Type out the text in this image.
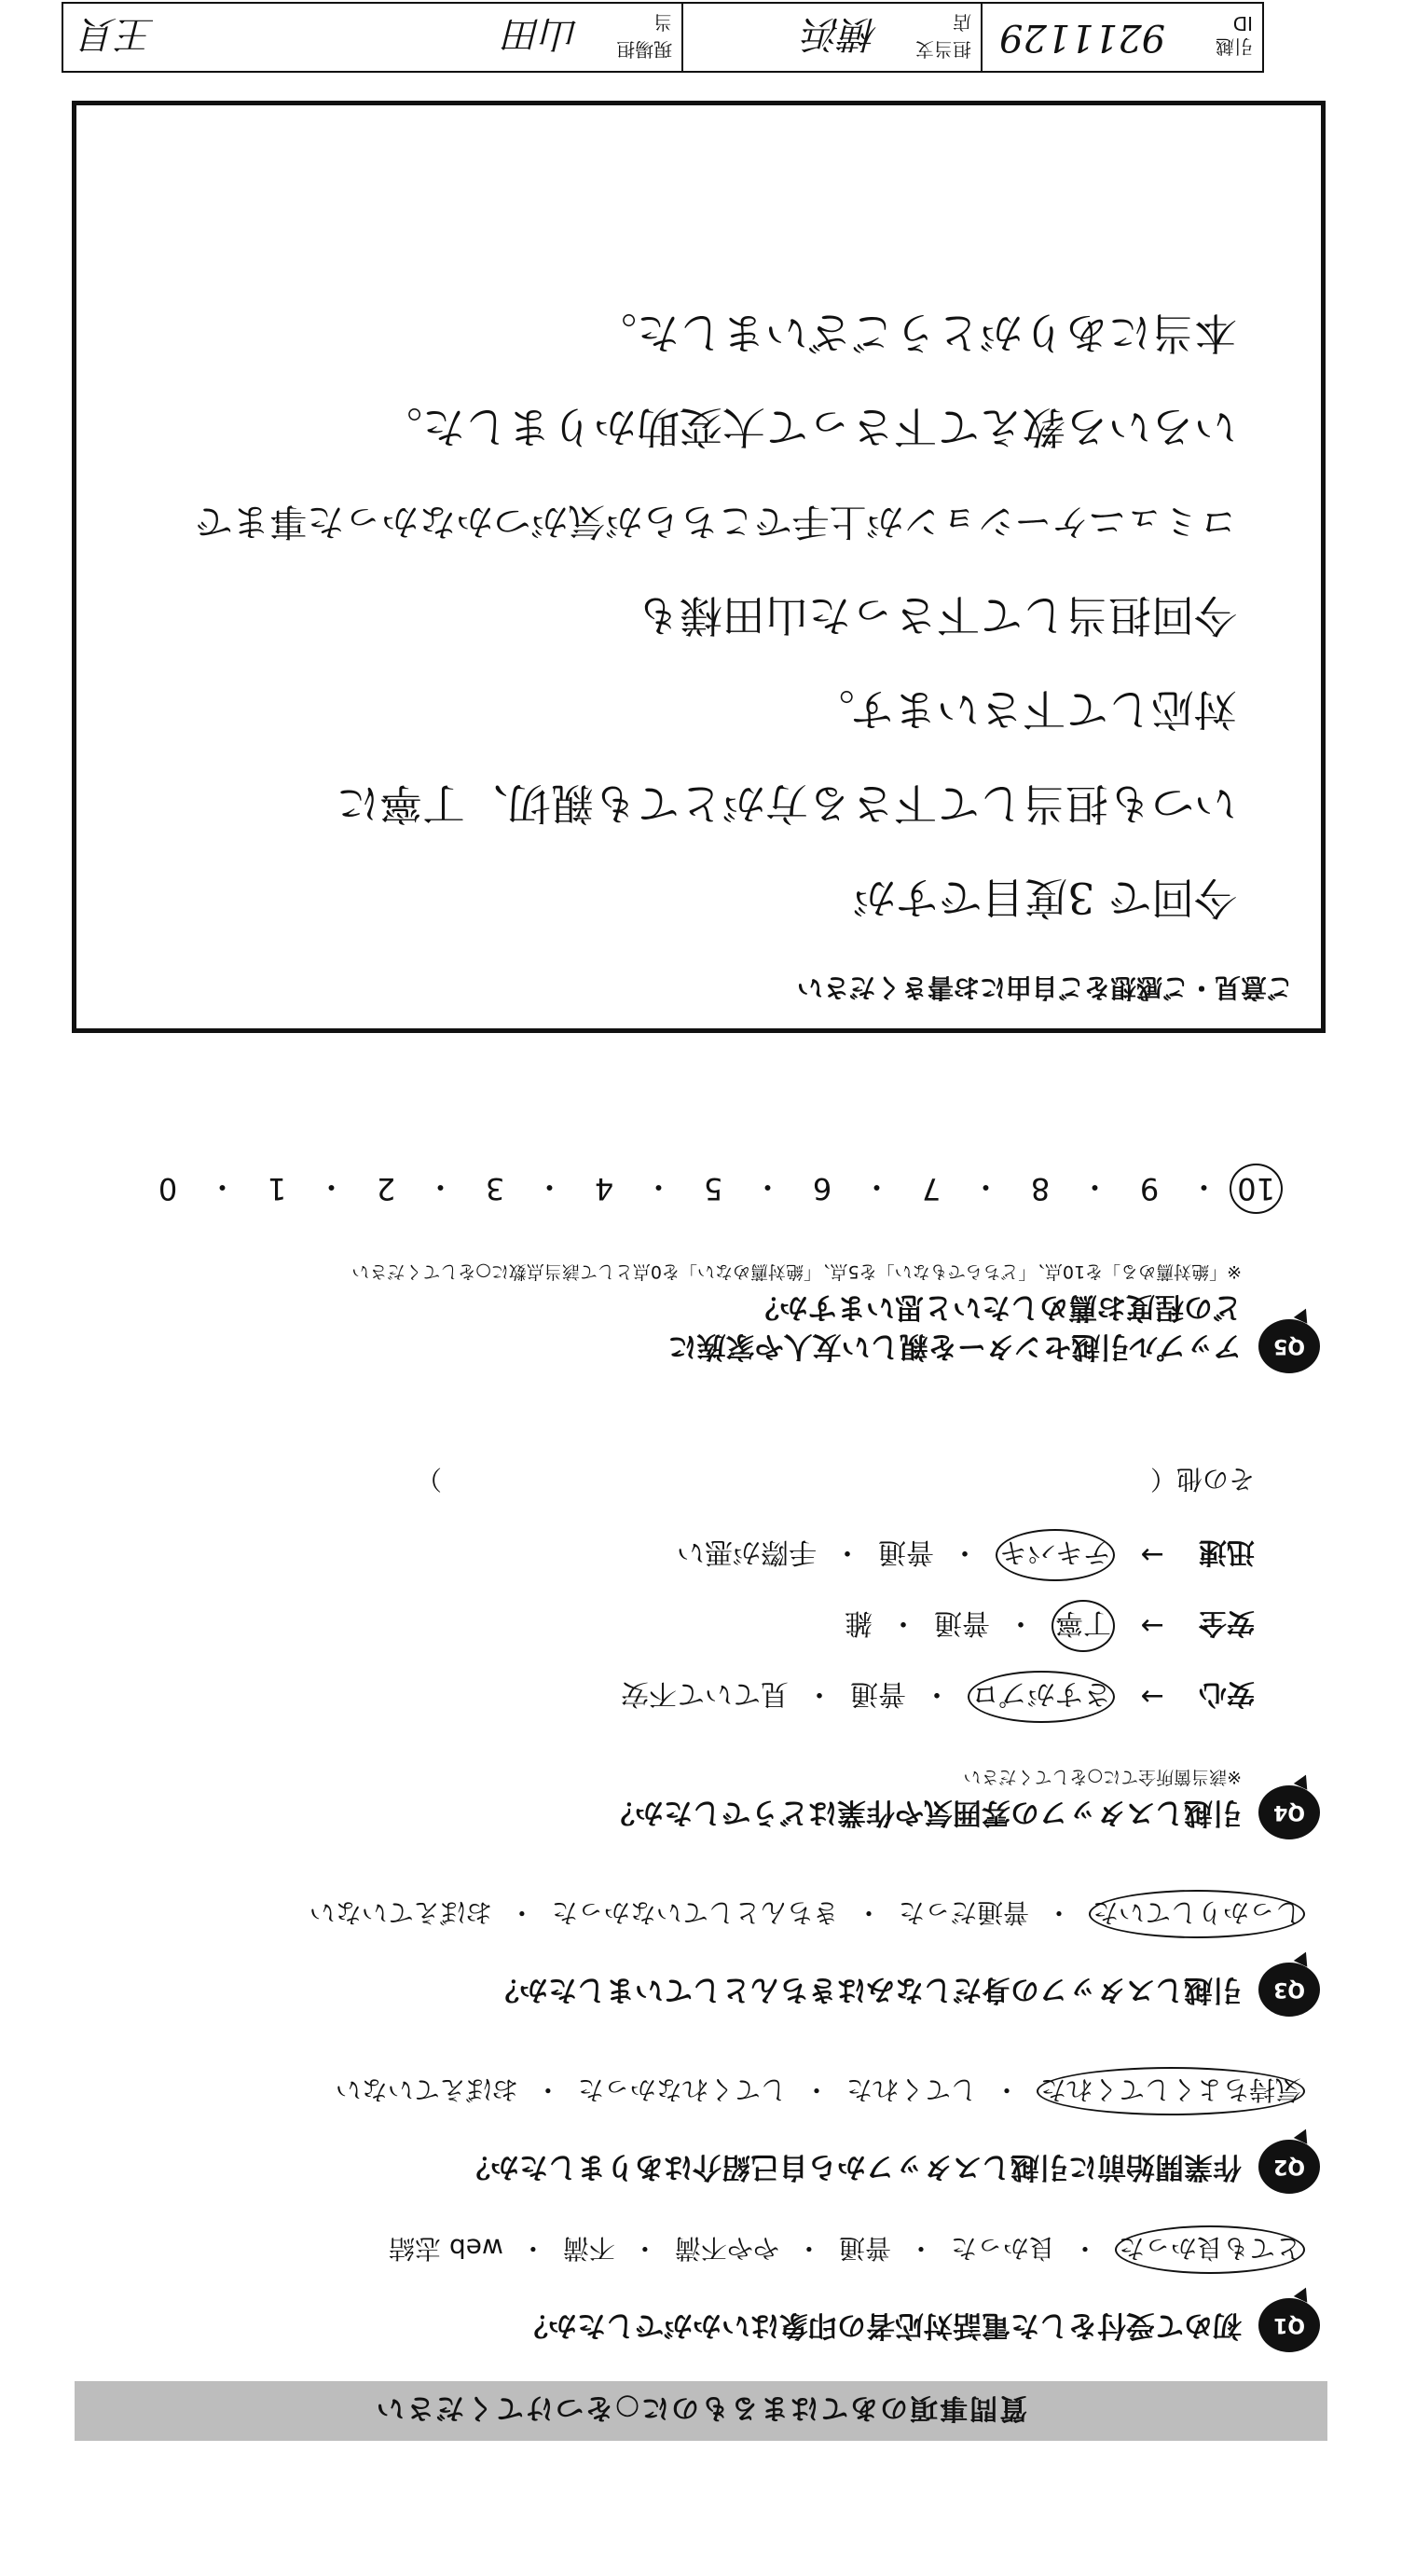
質問事項のあてはまるものに○をつけてください
Q1
初めて受付をした電話対応者の印象はいかがでしたか？
とても良かった
・
良かった
・
普通
・
やや不満
・
不満
・
web 志結
Q2
作業開始前に引越しスタッフから自己紹介はありましたか？
気持ちよくしてくれた
・
してくれた
・
してくれなかった
・
おぼえていない
Q3
引越しスタッフの身だしなみはきちんとしていましたか？
しっかりしていた
・
普通だった
・
きちんとしていなかった
・
おぼえていない
Q4
引越しスタッフの雰囲気や作業はどうでしたか？
※該当箇所全てに○をしてください
安心
→
さすがプロ
・
普通
・
見ていて不安
安全
→
丁寧
・
普通
・
雑
迅速
→
テキパキ
・
普通
・
手際が悪い
その他（
）
Q5
アップル引越センターを親しい友人や家族に
どの程度お薦めしたいと思いますか？
※「絶対薦める」を10点、「どちらでもない」を5点、「絶対薦めない」を0点として該当点数に○をしてください
10
・
9
・
8
・
7
・
6
・
5
・
4
・
3
・
2
・
1
・
0
ご意見・ご感想をご自由にお書きください
今回で 3度目ですが
いつも担当して下さる方がとても親切、丁寧に
対応して下さいます。
今回担当して下さった山田様も
コミュニケーションが上手でこちらが気がつかなかった事まで
いろいろ教えて下さって大変助かりました。
本当にありがとうございました。
引越 ID
9211129
担当支店
横浜
現場担当
山田
王貝
